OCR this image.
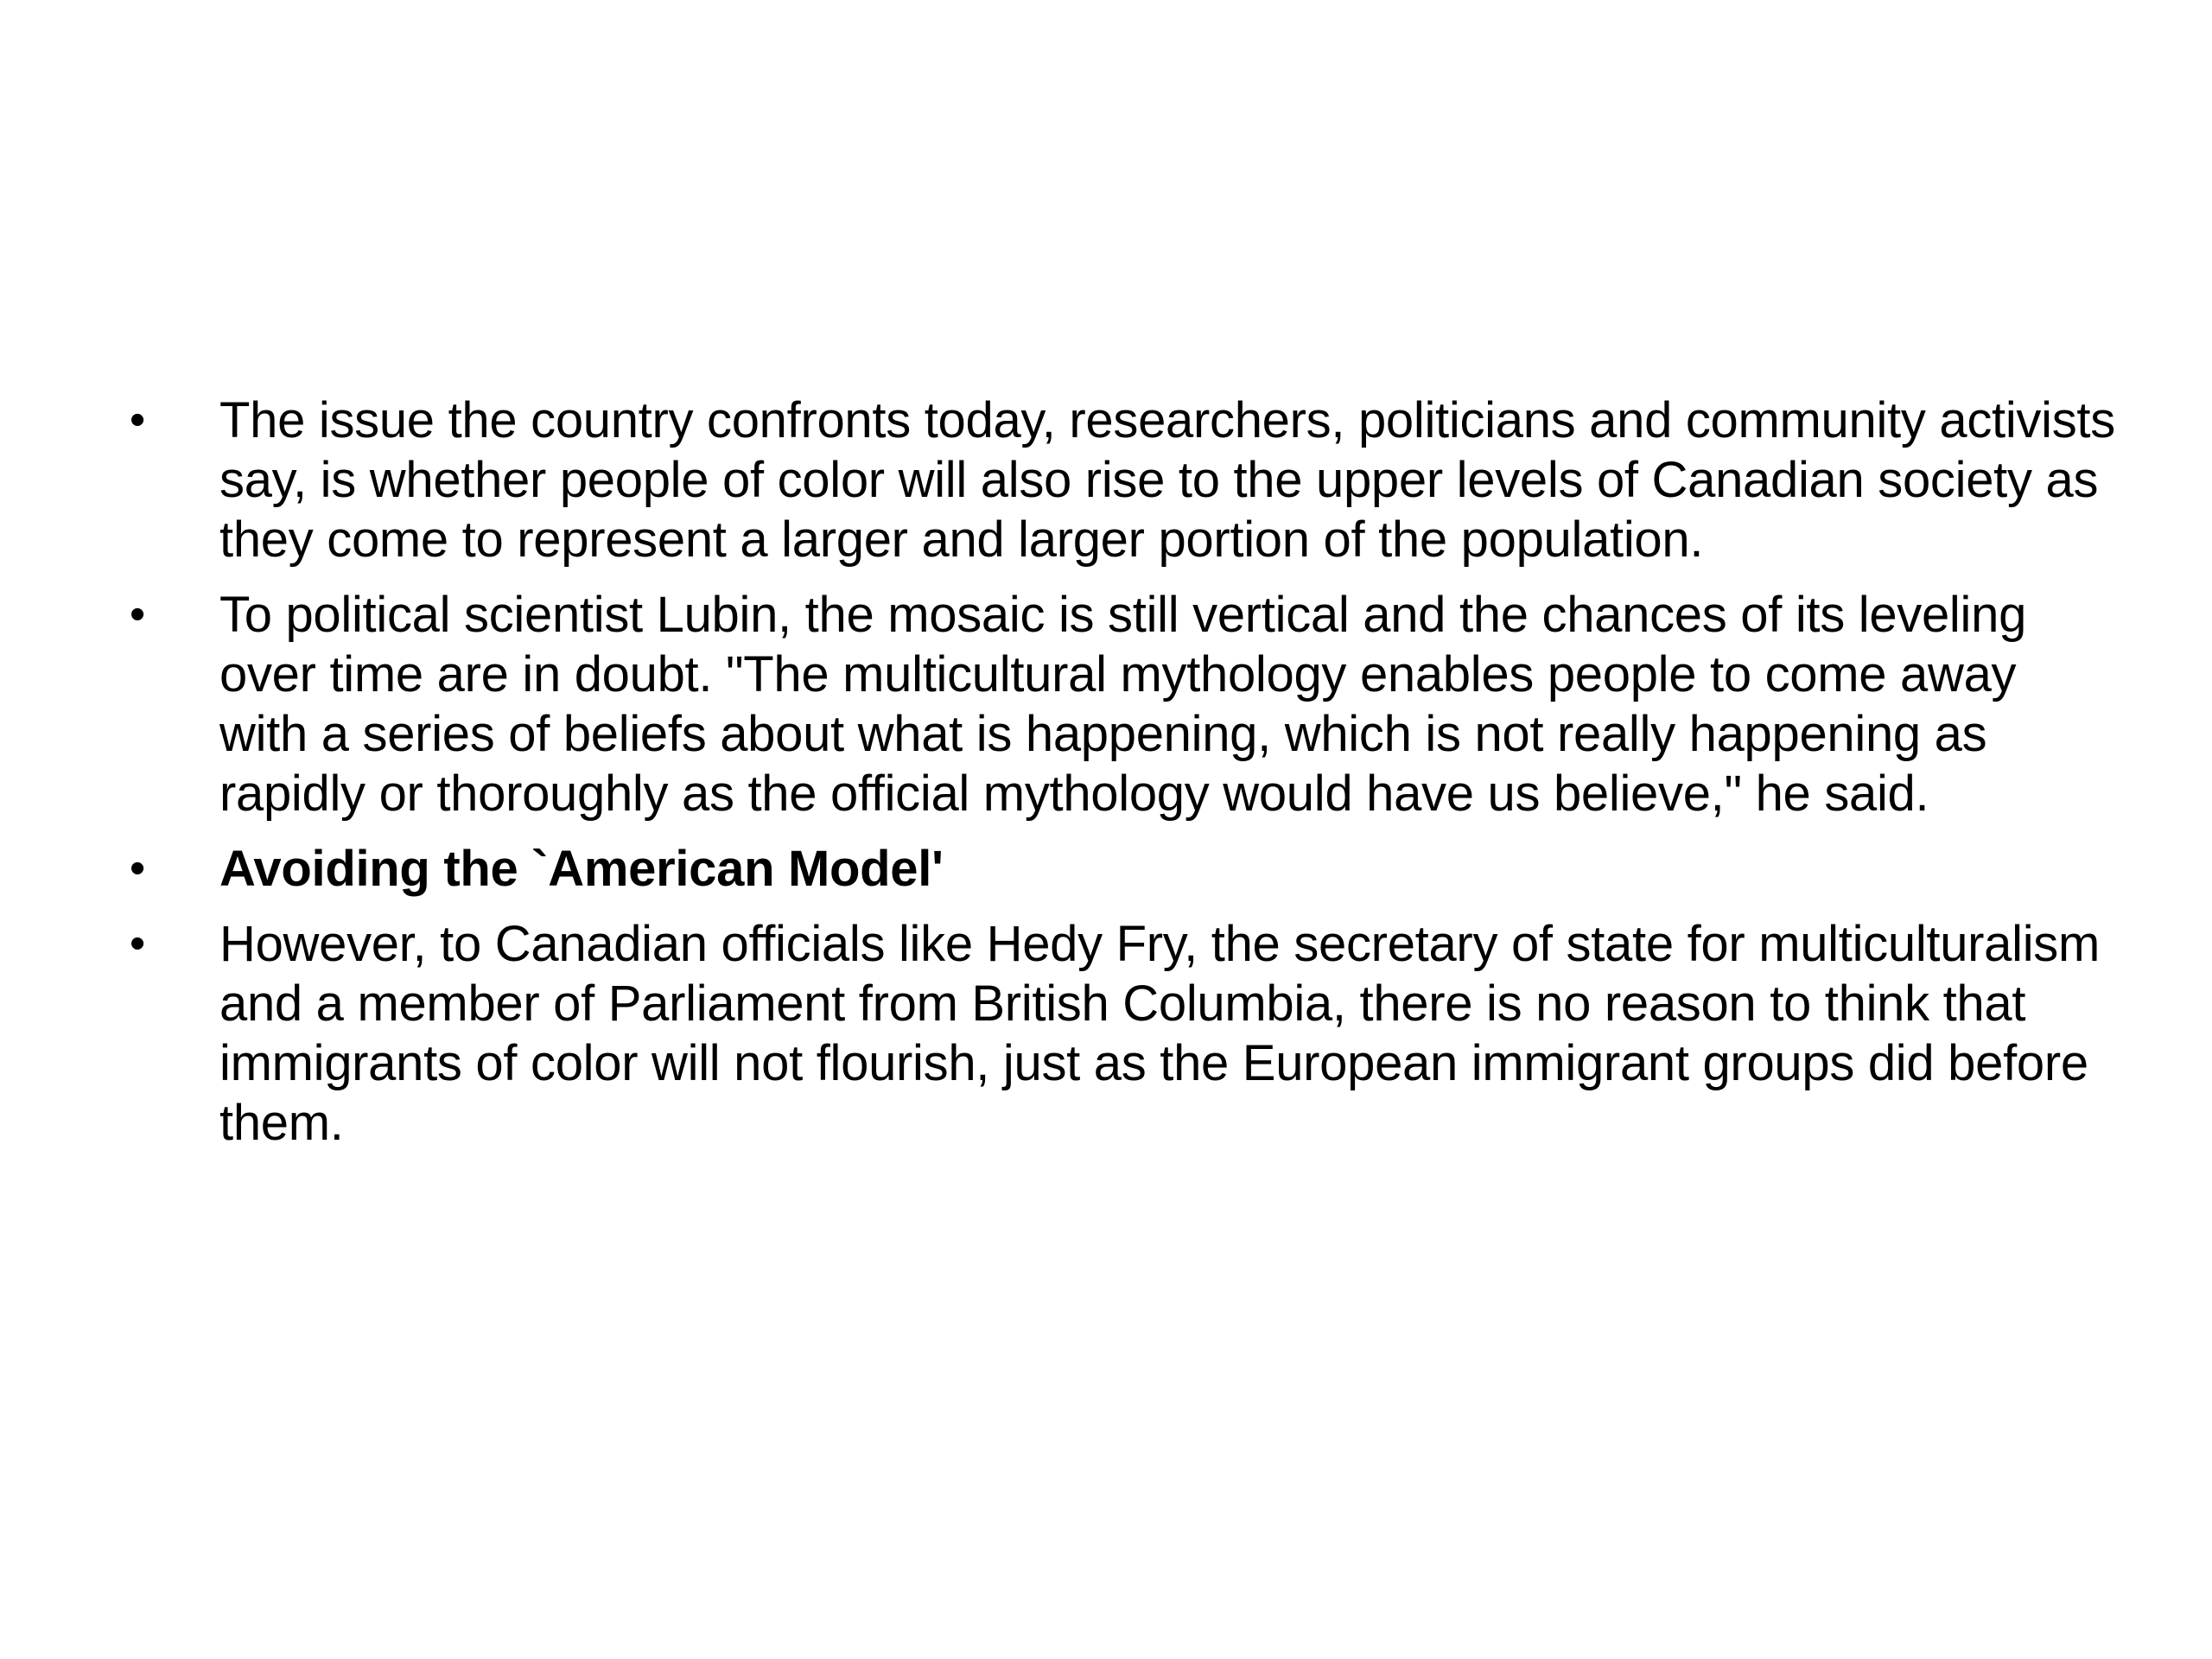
•	The issue the country confronts today, researchers, politicians and community activists say, is whether people of color will also rise to the upper levels of Canadian society as they come to represent a larger and larger portion of the population.
•	To political scientist Lubin, the mosaic is still vertical and the chances of its leveling over time are in doubt. "The multicultural mythology enables people to come away with a series of beliefs about what is happening, which is not really happening as rapidly or thoroughly as the official mythology would have us believe," he said.
•	Avoiding the `American Model'
•	However, to Canadian officials like Hedy Fry, the secretary of state for multiculturalism and a member of Parliament from British Columbia, there is no reason to think that immigrants of color will not flourish, just as the European immigrant groups did before them.
